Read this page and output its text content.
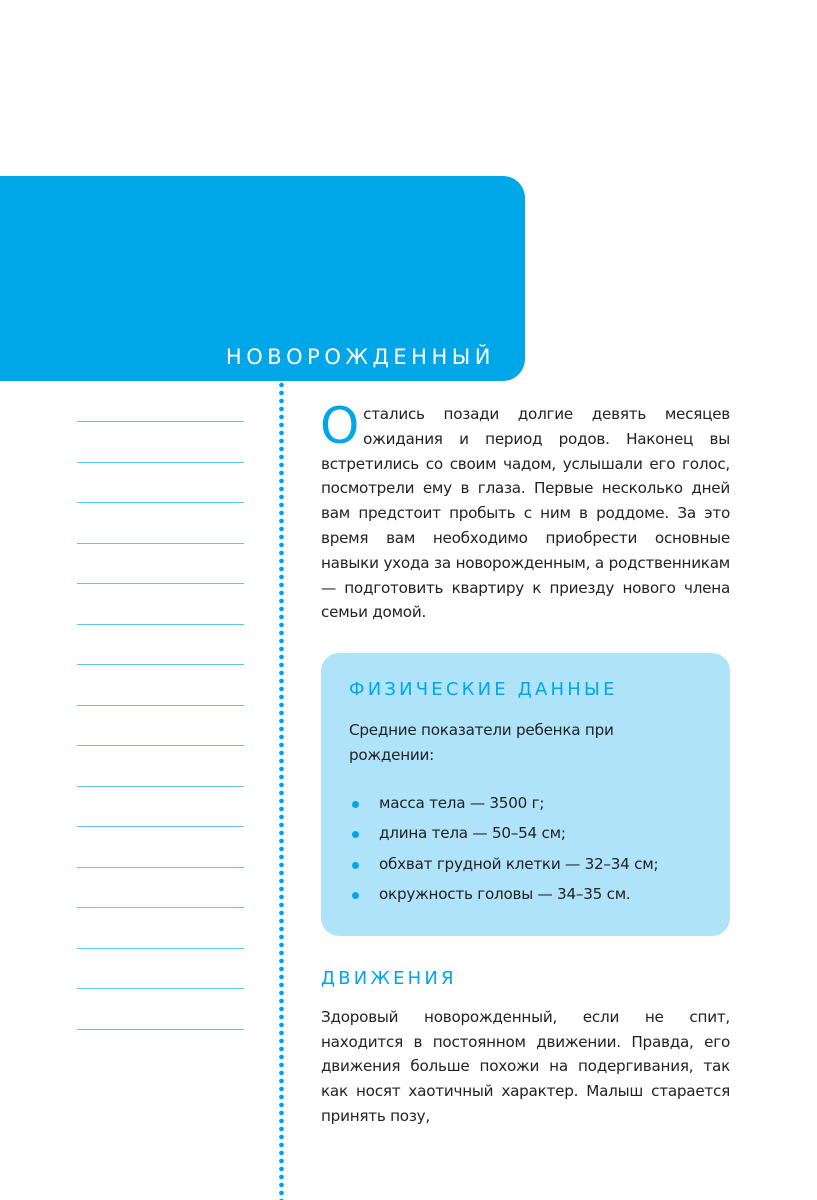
НОВОРОЖДЕННЫЙ

Остались позади долгие девять месяцев ожидания и период родов. Наконец вы встретились со своим чадом, услышали его голос, посмотрели ему в глаза. Первые несколько дней вам предстоит пробыть с ним в роддоме. За это время вам необходимо приобрести основные навыки ухода за новорожденным, а родственникам — подготовить квартиру к приезду нового члена семьи домой.

ФИЗИЧЕСКИЕ ДАННЫЕ

Средние показатели ребенка при рождении:

масса тела — 3500 г;
длина тела — 50–54 см;
обхват грудной клетки — 32–34 см;
окружность головы — 34–35 см.
ДВИЖЕНИЯ

Здоровый новорожденный, если не спит, находится в постоянном движении. Правда, его движения больше похожи на подергивания, так как носят хаотичный характер. Малыш старается принять позу,
